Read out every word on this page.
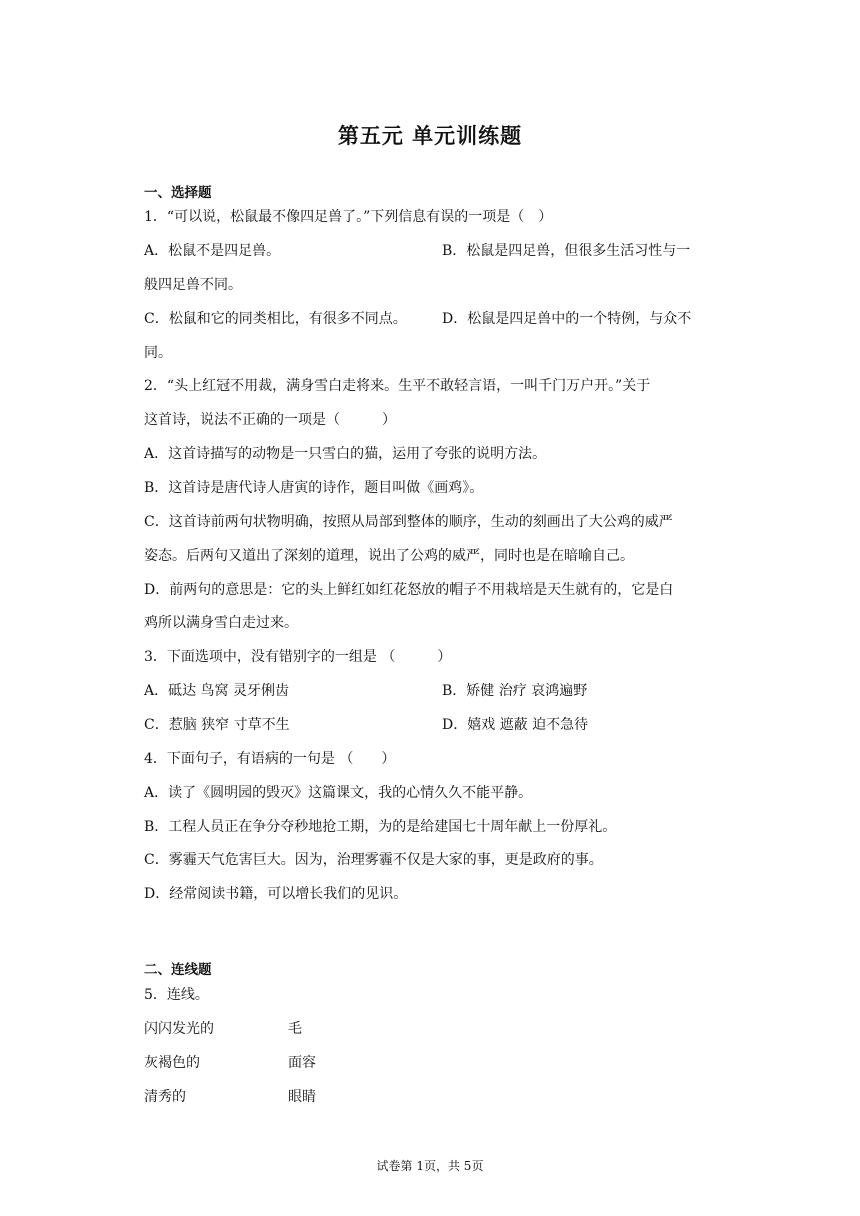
第五元 单元训练题
一、选择题
1．“可以说，松鼠最不像四足兽了。”下列信息有误的一项是（　）
A．松鼠不是四足兽。	B．松鼠是四足兽，但很多生活习性与一
般四足兽不同。
C．松鼠和它的同类相比，有很多不同点。	D．松鼠是四足兽中的一个特例，与众不
同。
2．“头上红冠不用裁，满身雪白走将来。生平不敢轻言语，一叫千门万户开。”关于
这首诗，说法不正确的一项是（　　　）
A．这首诗描写的动物是一只雪白的猫，运用了夸张的说明方法。
B．这首诗是唐代诗人唐寅的诗作，题目叫做《画鸡》。
C．这首诗前两句状物明确，按照从局部到整体的顺序，生动的刻画出了大公鸡的威严
姿态。后两句又道出了深刻的道理，说出了公鸡的威严，同时也是在暗喻自己。
D．前两句的意思是：它的头上鲜红如红花怒放的帽子不用栽培是天生就有的，它是白
鸡所以满身雪白走过来。
3．下面选项中，没有错别字的一组是 （　　　）
A．砥达 鸟窝 灵牙俐齿	B．矫健 治疗 哀鸿遍野
C．惹脑 狭窄 寸草不生	D．嬉戏 遮蔽 迫不急待
4．下面句子，有语病的一句是 （　　）
A．读了《圆明园的毁灭》这篇课文，我的心情久久不能平静。
B．工程人员正在争分夺秒地抢工期，为的是给建国七十周年献上一份厚礼。
C．雾霾天气危害巨大。因为，治理雾霾不仅是大家的事，更是政府的事。
D．经常阅读书籍，可以增长我们的见识。
二、连线题
5．连线。
闪闪发光的	毛
灰褐色的	面容
清秀的	眼睛
试卷第 1页，共 5页
